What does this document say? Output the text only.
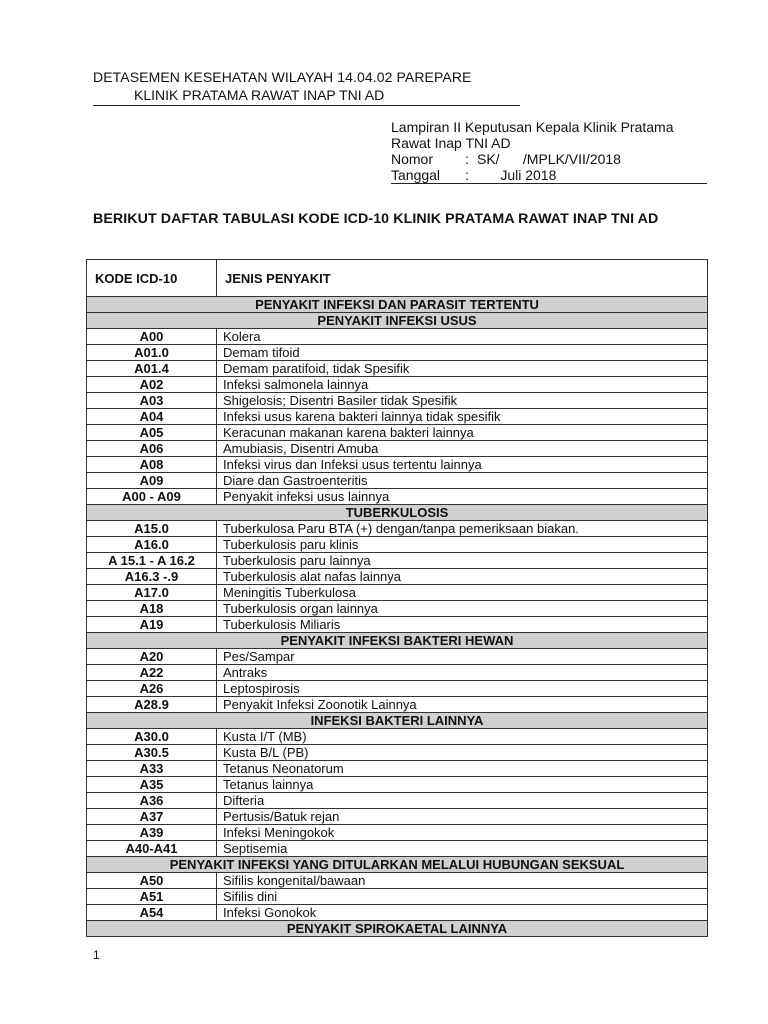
DETASEMEN KESEHATAN WILAYAH 14.04.02 PAREPARE
KLINIK PRATAMA RAWAT INAP TNI AD
Lampiran II Keputusan Kepala Klinik Pratama
Rawat Inap TNI AD
Nomor : SK/      /MPLK/VII/2018
Tanggal :      Juli 2018
BERIKUT DAFTAR TABULASI KODE ICD-10 KLINIK PRATAMA RAWAT INAP TNI AD
KODE ICD-10	JENIS PENYAKIT
PENYAKIT INFEKSI DAN PARASIT TERTENTU	
PENYAKIT INFEKSI USUS	
A00	Kolera
A01.0	Demam tifoid
A01.4	Demam paratifoid, tidak Spesifik
A02	Infeksi salmonela lainnya
A03	Shigelosis; Disentri Basiler tidak Spesifik
A04	Infeksi usus karena bakteri lainnya tidak spesifik
A05	Keracunan makanan karena bakteri lainnya
A06	Amubiasis, Disentri Amuba
A08	Infeksi virus dan Infeksi usus tertentu lainnya
A09	Diare dan Gastroenteritis
A00 - A09	Penyakit infeksi usus lainnya
TUBERKULOSIS	
A15.0	Tuberkulosa Paru BTA (+) dengan/tanpa pemeriksaan biakan.
A16.0	Tuberkulosis paru klinis
A 15.1 - A 16.2	Tuberkulosis paru lainnya
A16.3 -.9	Tuberkulosis alat nafas lainnya
A17.0	Meningitis Tuberkulosa
A18	Tuberkulosis organ lainnya
A19	Tuberkulosis Miliaris
PENYAKIT INFEKSI BAKTERI HEWAN	
A20	Pes/Sampar
A22	Antraks
A26	Leptospirosis
A28.9	Penyakit Infeksi Zoonotik Lainnya
INFEKSI BAKTERI LAINNYA	
A30.0	Kusta I/T (MB)
A30.5	Kusta B/L (PB)
A33	Tetanus Neonatorum
A35	Tetanus lainnya
A36	Difteria
A37	Pertusis/Batuk rejan
A39	Infeksi Meningokok
A40-A41	Septisemia
PENYAKIT INFEKSI YANG DITULARKAN MELALUI HUBUNGAN SEKSUAL	
A50	Sifilis kongenital/bawaan
A51	Sifilis dini
A54	Infeksi Gonokok
PENYAKIT SPIROKAETAL LAINNYA	
1
